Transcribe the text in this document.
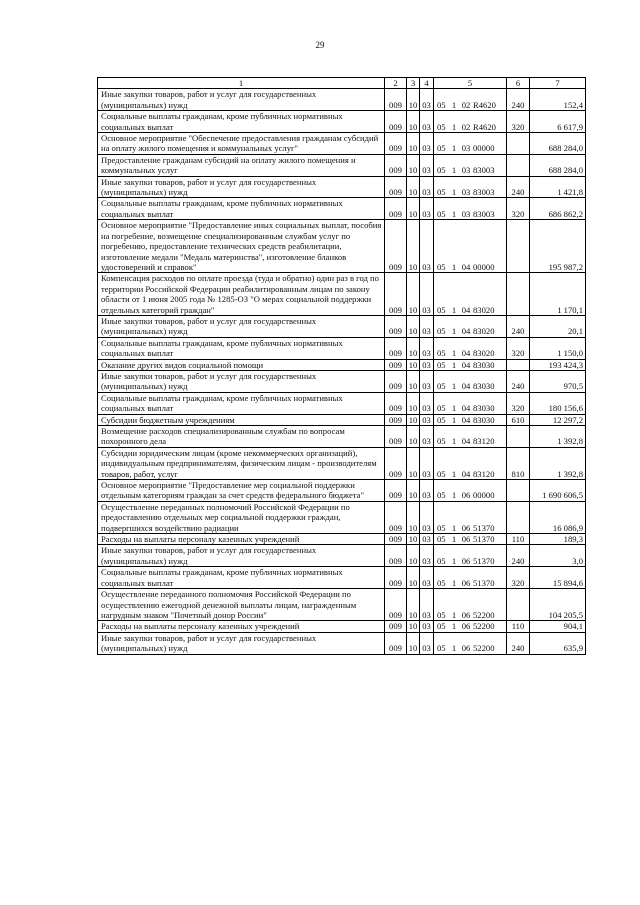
29
1	2	3	4	5	6	7
Иные закупки товаров, работ и услуг для государственных (муниципальных) нужд	009	10	03	05 1 02 R4620	240	152,4
Социальные выплаты гражданам, кроме публичных нормативных социальных выплат	009	10	03	05 1 02 R4620	320	6 617,9
Основное мероприятие "Обеспечение предоставления гражданам субсидий на оплату жилого помещения и коммунальных услуг"	009	10	03	05 1 03 00000		688 284,0
Предоставление гражданам субсидий на оплату жилого помещения и коммунальных услуг	009	10	03	05 1 03 83003		688 284,0
Иные закупки товаров, работ и услуг для государственных (муниципальных) нужд	009	10	03	05 1 03 83003	240	1 421,8
Социальные выплаты гражданам, кроме публичных нормативных социальных выплат	009	10	03	05 1 03 83003	320	686 862,2
Основное мероприятие "Предоставление иных социальных выплат, пособия на погребение, возмещение специализированным службам услуг по погребению, предоставление технических средств реабилитации, изготовление медали "Медаль материнства", изготовление бланков удостоверений и справок"	009	10	03	05 1 04 00000		195 987,2
Компенсация расходов по оплате проезда (туда и обратно) один раз в год по территории Российской Федерации реабилитированным лицам по закону области от 1 июня 2005 года № 1285-ОЗ "О мерах социальной поддержки отдельных категорий граждан"	009	10	03	05 1 04 83020		1 170,1
Иные закупки товаров, работ и услуг для государственных (муниципальных) нужд	009	10	03	05 1 04 83020	240	20,1
Социальные выплаты гражданам, кроме публичных нормативных социальных выплат	009	10	03	05 1 04 83020	320	1 150,0
Оказание других видов социальной помощи	009	10	03	05 1 04 83030		193 424,3
Иные закупки товаров, работ и услуг для государственных (муниципальных) нужд	009	10	03	05 1 04 83030	240	970,5
Социальные выплаты гражданам, кроме публичных нормативных социальных выплат	009	10	03	05 1 04 83030	320	180 156,6
Субсидии бюджетным учреждениям	009	10	03	05 1 04 83030	610	12 297,2
Возмещение расходов специализированным службам по вопросам похоронного дела	009	10	03	05 1 04 83120		1 392,8
Субсидии юридическим лицам (кроме некоммерческих организаций), индивидуальным предпринимателям, физическим лицам - производителям товаров, работ, услуг	009	10	03	05 1 04 83120	810	1 392,8
Основное мероприятие "Предоставление мер социальной поддержки отдельным категориям граждан за счет средств федерального бюджета"	009	10	03	05 1 06 00000		1 690 606,5
Осуществление переданных полномочий Российской Федерации по предоставлению отдельных мер социальной поддержки граждан, подвергшихся воздействию радиации	009	10	03	05 1 06 51370		16 086,9
Расходы на выплаты персоналу казенных учреждений	009	10	03	05 1 06 51370	110	189,3
Иные закупки товаров, работ и услуг для государственных (муниципальных) нужд	009	10	03	05 1 06 51370	240	3,0
Социальные выплаты гражданам, кроме публичных нормативных социальных выплат	009	10	03	05 1 06 51370	320	15 894,6
Осуществление переданного полномочия Российской Федерации по осуществлению ежегодной денежной выплаты лицам, награжденным нагрудным знаком "Почетный донор России"	009	10	03	05 1 06 52200		104 205,5
Расходы на выплаты персоналу казенных учреждений	009	10	03	05 1 06 52200	110	904,1
Иные закупки товаров, работ и услуг для государственных (муниципальных) нужд	009	10	03	05 1 06 52200	240	635,9
